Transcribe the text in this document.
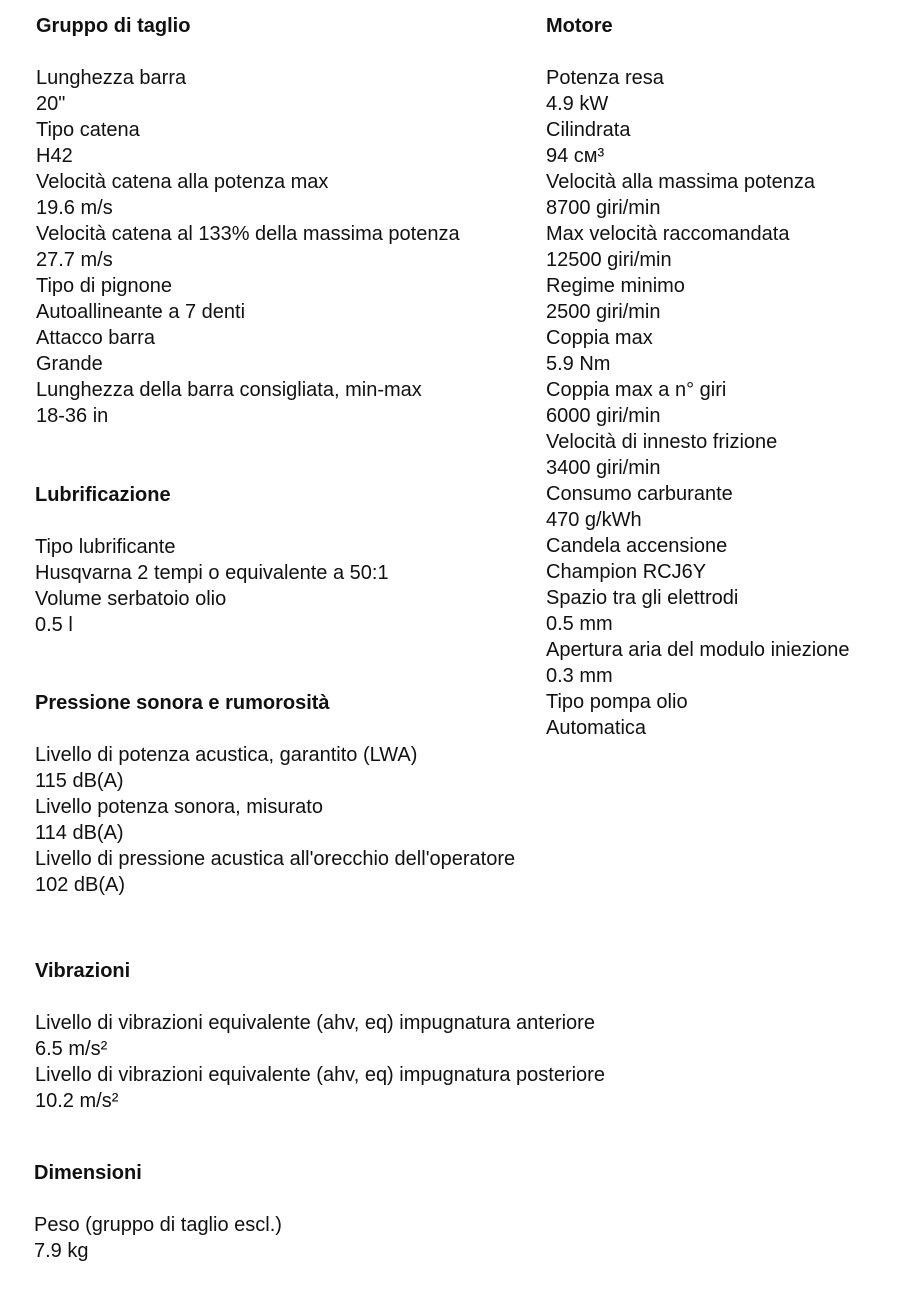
Gruppo di taglio
Lunghezza barra
20"
Tipo catena
H42
Velocità catena alla potenza max
19.6 m/s
Velocità catena al 133% della massima potenza
27.7 m/s
Tipo di pignone
Autoallineante a 7 denti
Attacco barra
Grande
Lunghezza della barra consigliata, min-max
18-36 in
Motore
Potenza resa
4.9 kW
Cilindrata
94 см³
Velocità alla massima potenza
8700 giri/min
Max velocità raccomandata
12500 giri/min
Regime minimo
2500 giri/min
Coppia max
5.9 Nm
Coppia max a n° giri
6000 giri/min
Velocità di innesto frizione
3400 giri/min
Consumo carburante
470 g/kWh
Candela accensione
Champion RCJ6Y
Spazio tra gli elettrodi
0.5 mm
Apertura aria del modulo iniezione
0.3 mm
Tipo pompa olio
Automatica
Lubrificazione
Tipo lubrificante
Husqvarna 2 tempi o equivalente a 50:1
Volume serbatoio olio
0.5 l
Pressione sonora e rumorosità
Livello di potenza acustica, garantito (LWA)
115 dB(A)
Livello potenza sonora, misurato
114 dB(A)
Livello di pressione acustica all'orecchio dell'operatore
102 dB(A)
Vibrazioni
Livello di vibrazioni equivalente (ahv, eq) impugnatura anteriore
6.5 m/s²
Livello di vibrazioni equivalente (ahv, eq) impugnatura posteriore
10.2 m/s²
Dimensioni
Peso (gruppo di taglio escl.)
7.9 kg
